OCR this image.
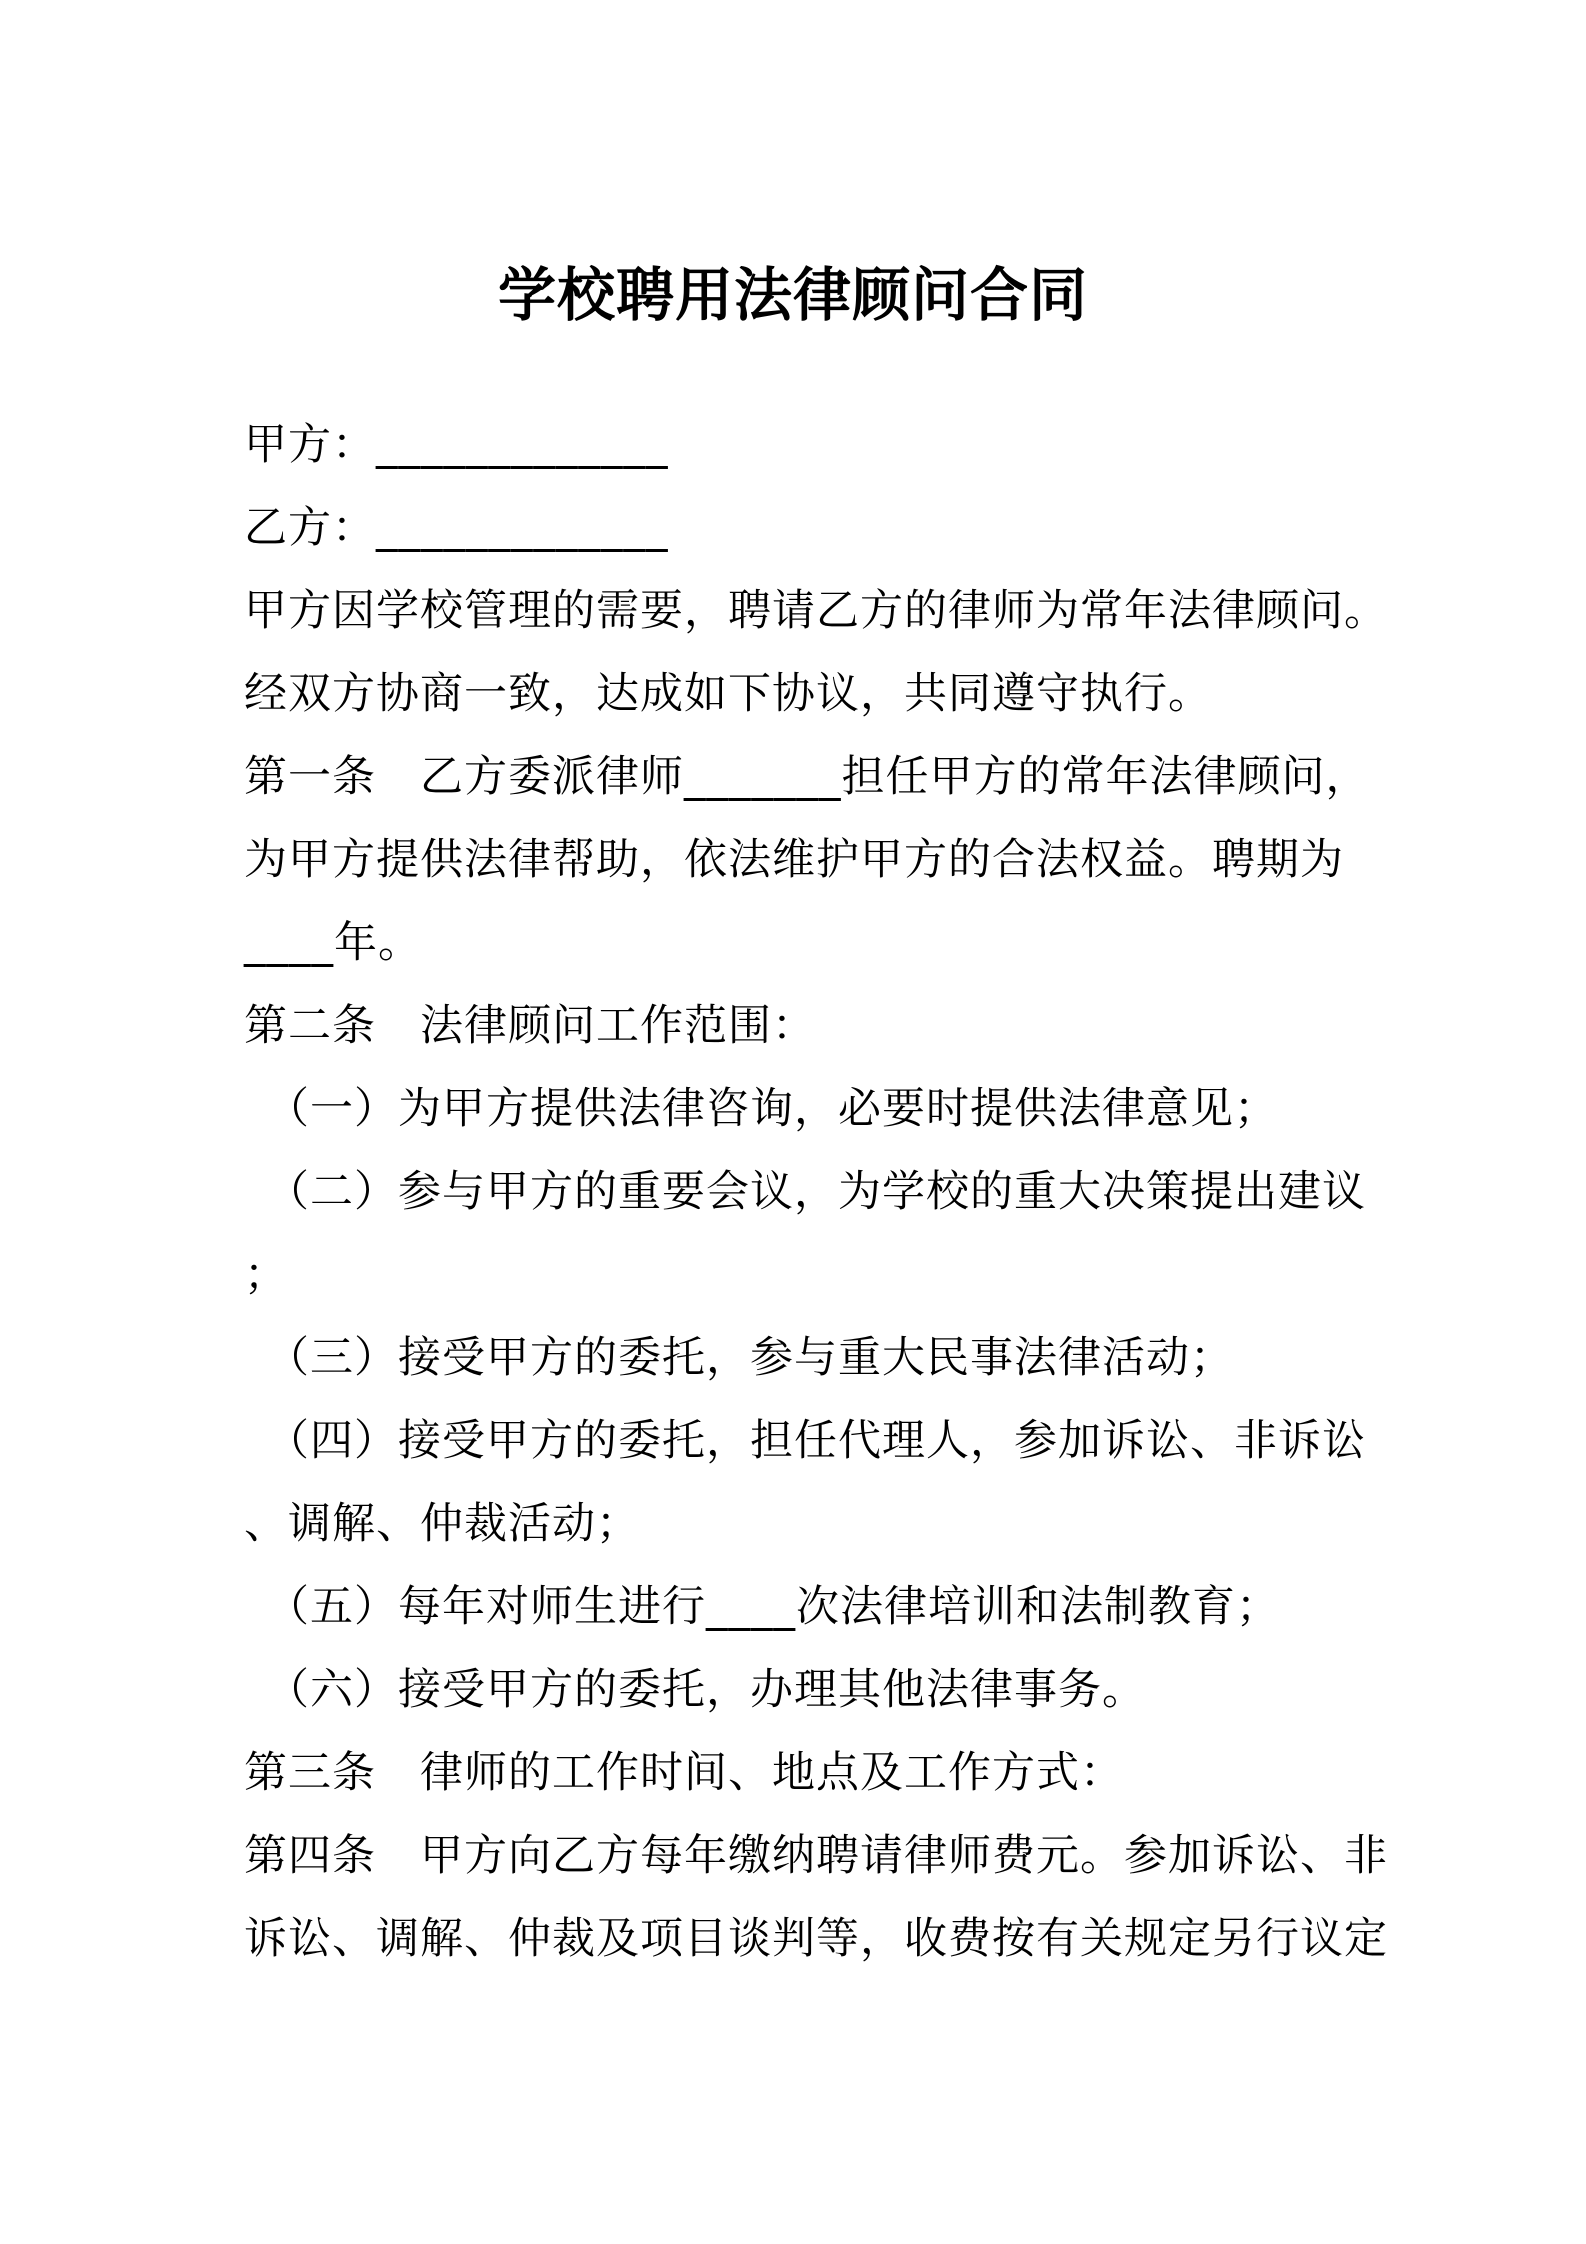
学校聘用法律顾问合同
甲方：_____________
乙方：_____________
甲方因学校管理的需要，聘请乙方的律师为常年法律顾问。
经双方协商一致，达成如下协议，共同遵守执行。
第一条　乙方委派律师_______担任甲方的常年法律顾问，
为甲方提供法律帮助，依法维护甲方的合法权益。聘期为
____年。
第二条　法律顾问工作范围：
（一）为甲方提供法律咨询，必要时提供法律意见；
（二）参与甲方的重要会议，为学校的重大决策提出建议
；
（三）接受甲方的委托，参与重大民事法律活动；
（四）接受甲方的委托，担任代理人，参加诉讼、非诉讼
、调解、仲裁活动；
（五）每年对师生进行____次法律培训和法制教育；
（六）接受甲方的委托，办理其他法律事务。
第三条　律师的工作时间、地点及工作方式：
第四条　甲方向乙方每年缴纳聘请律师费元。参加诉讼、非
诉讼、调解、仲裁及项目谈判等，收费按有关规定另行议定
